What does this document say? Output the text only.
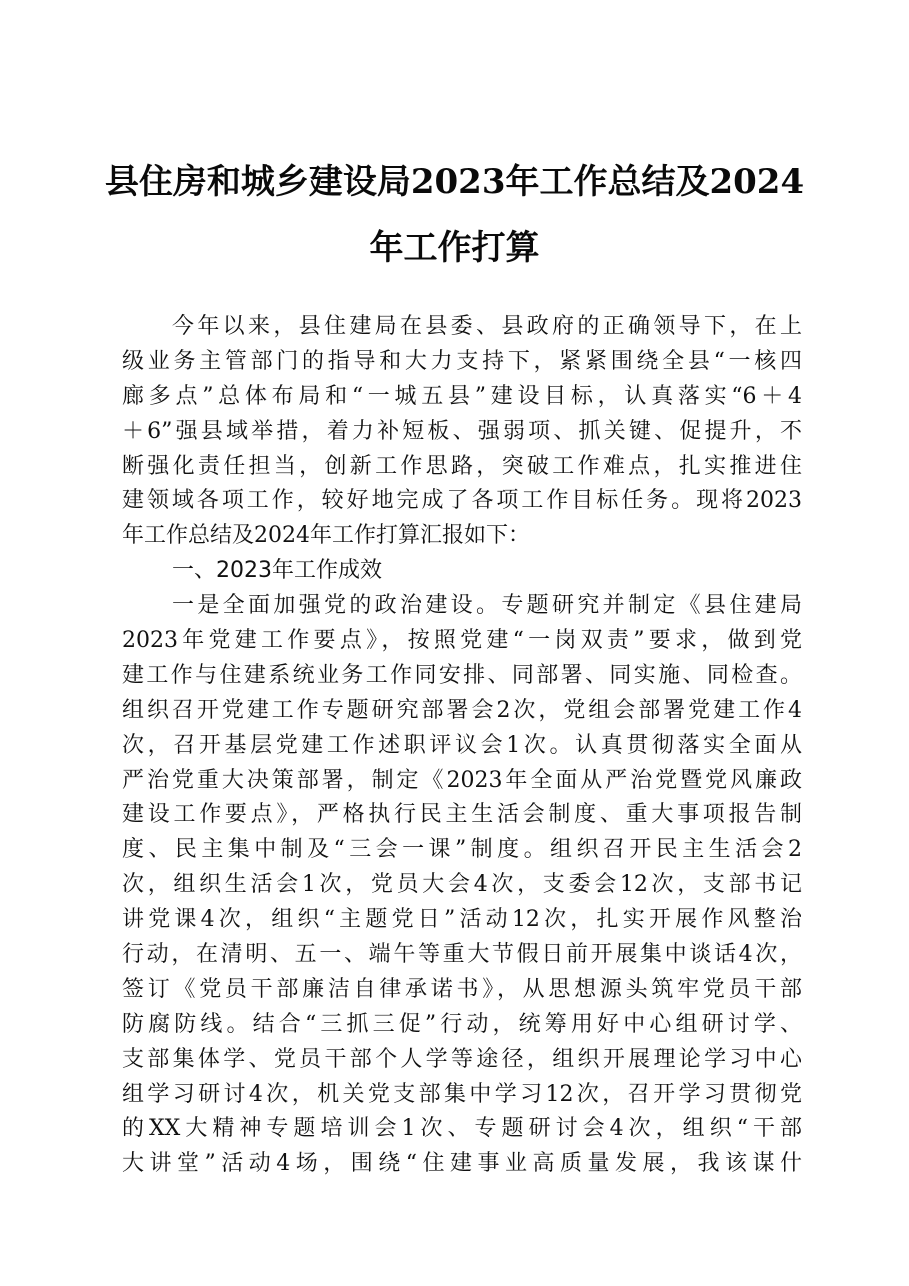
县住房和城乡建设局2023年工作总结及2024
年工作打算
今年以来，县住建局在县委、县政府的正确领导下，在上
级业务主管部门的指导和大力支持下，紧紧围绕全县“一核四
廊多点”总体布局和“一城五县”建设目标，认真落实“6＋4
＋6”强县域举措，着力补短板、强弱项、抓关键、促提升，不
断强化责任担当，创新工作思路，突破工作难点，扎实推进住
建领域各项工作，较好地完成了各项工作目标任务。现将2023
年工作总结及2024年工作打算汇报如下：
一、2023年工作成效
一是全面加强党的政治建设。专题研究并制定《县住建局
2023年党建工作要点》，按照党建“一岗双责”要求，做到党
建工作与住建系统业务工作同安排、同部署、同实施、同检查。
组织召开党建工作专题研究部署会2次，党组会部署党建工作4
次，召开基层党建工作述职评议会1次。认真贯彻落实全面从
严治党重大决策部署，制定《2023年全面从严治党暨党风廉政
建设工作要点》，严格执行民主生活会制度、重大事项报告制
度、民主集中制及“三会一课”制度。组织召开民主生活会2
次，组织生活会1次，党员大会4次，支委会12次，支部书记
讲党课4次，组织“主题党日”活动12次，扎实开展作风整治
行动，在清明、五一、端午等重大节假日前开展集中谈话4次，
签订《党员干部廉洁自律承诺书》，从思想源头筑牢党员干部
防腐防线。结合“三抓三促”行动，统筹用好中心组研讨学、
支部集体学、党员干部个人学等途径，组织开展理论学习中心
组学习研讨4次，机关党支部集中学习12次，召开学习贯彻党
的XX大精神专题培训会1次、专题研讨会4次，组织“干部
大讲堂”活动4场，围绕“住建事业高质量发展，我该谋什
